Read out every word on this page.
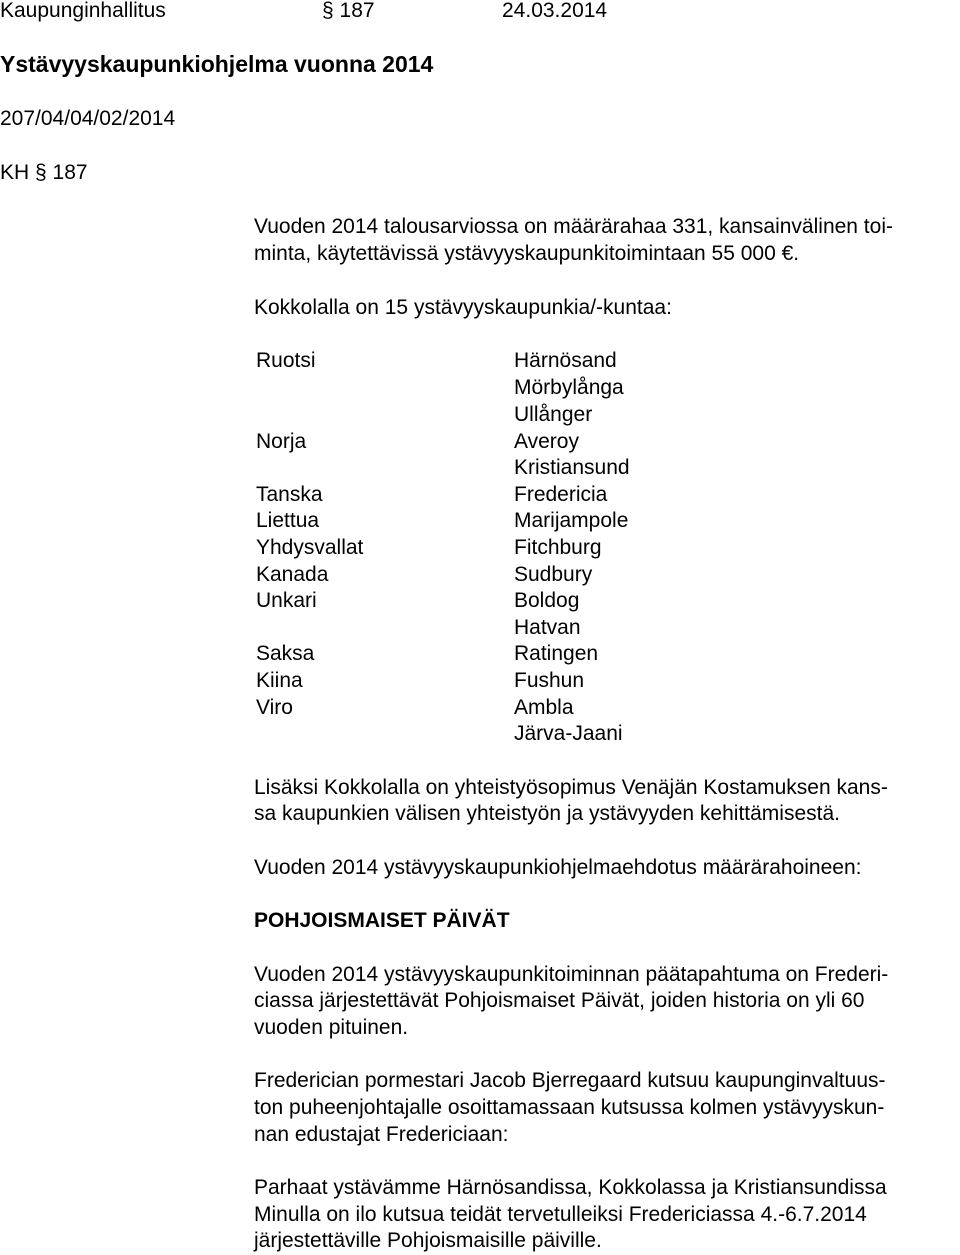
Kaupunginhallitus	§ 187	24.03.2014
Ystävyyskaupunkiohjelma vuonna 2014
207/04/04/02/2014
KH § 187
Vuoden 2014 talousarviossa on määrärahaa 331, kansainvälinen toi-
minta, käytettävissä ystävyyskaupunkitoimintaan 55 000 €.
Kokkolalla on 15 ystävyyskaupunkia/-kuntaa:
Ruotsi	Härnösand
Mörbylånga
Ullånger
Norja	Averoy
Kristiansund
Tanska	Fredericia
Liettua	Marijampole
Yhdysvallat	Fitchburg
Kanada	Sudbury
Unkari	Boldog
Hatvan
Saksa	Ratingen
Kiina	Fushun
Viro	Ambla
Järva-Jaani
Lisäksi Kokkolalla on yhteistyösopimus Venäjän Kostamuksen kans-
sa kaupunkien välisen yhteistyön ja ystävyyden kehittämisestä.
Vuoden 2014 ystävyyskaupunkiohjelmaehdotus määrärahoineen:
POHJOISMAISET PÄIVÄT
Vuoden 2014 ystävyyskaupunkitoiminnan päätapahtuma on Frederi-
ciassa järjestettävät Pohjoismaiset Päivät, joiden historia on yli 60
vuoden pituinen.
Frederician pormestari Jacob Bjerregaard kutsuu kaupunginvaltuus-
ton puheenjohtajalle osoittamassaan kutsussa kolmen ystävyyskun-
nan edustajat Fredericiaan:
Parhaat ystävämme Härnösandissa, Kokkolassa ja Kristiansundissa
Minulla on ilo kutsua teidät tervetulleiksi Fredericiassa 4.-6.7.2014
järjestettäville Pohjoismaisille päiville.
